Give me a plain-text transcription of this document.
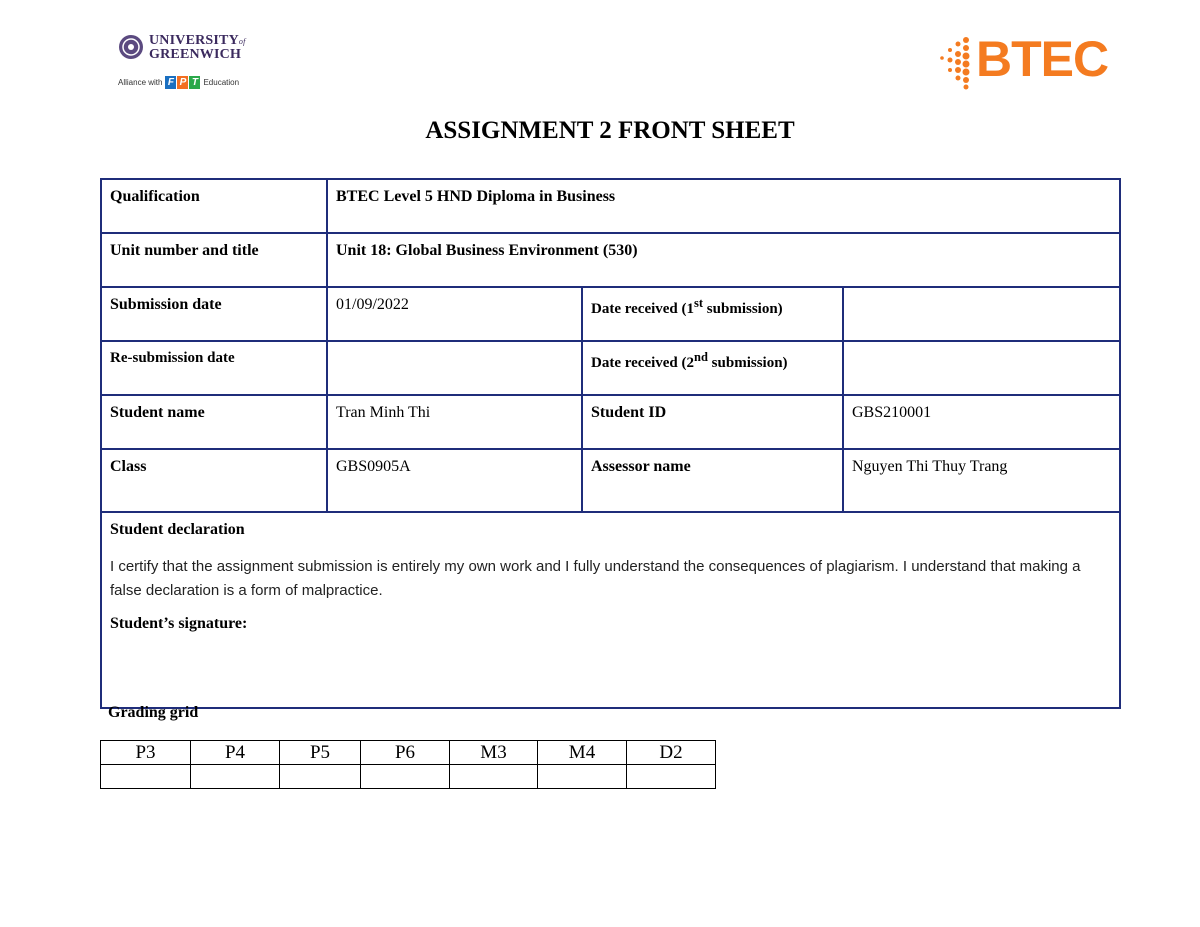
UNIVERSITYof
GREENWICH
Alliance with F P T Education	BTEC
ASSIGNMENT 2 FRONT SHEET
Qualification	BTEC Level 5 HND Diploma in Business		
Unit number and title	Unit 18: Global Business Environment (530)		
Submission date	01/09/2022	Date received (1st submission)	
Re-submission date		Date received (2nd submission)	
Student name	Tran Minh Thi	Student ID	GBS210001
Class	GBS0905A	Assessor name	Nguyen Thi Thuy Trang

Student declaration
I certify that the assignment submission is entirely my own work and I fully understand the consequences of plagiarism. I understand that making a false declaration is a form of malpractice.
Student’s signature:			
Grading grid
P3	P4	P5	P6	M3	M4	D2
